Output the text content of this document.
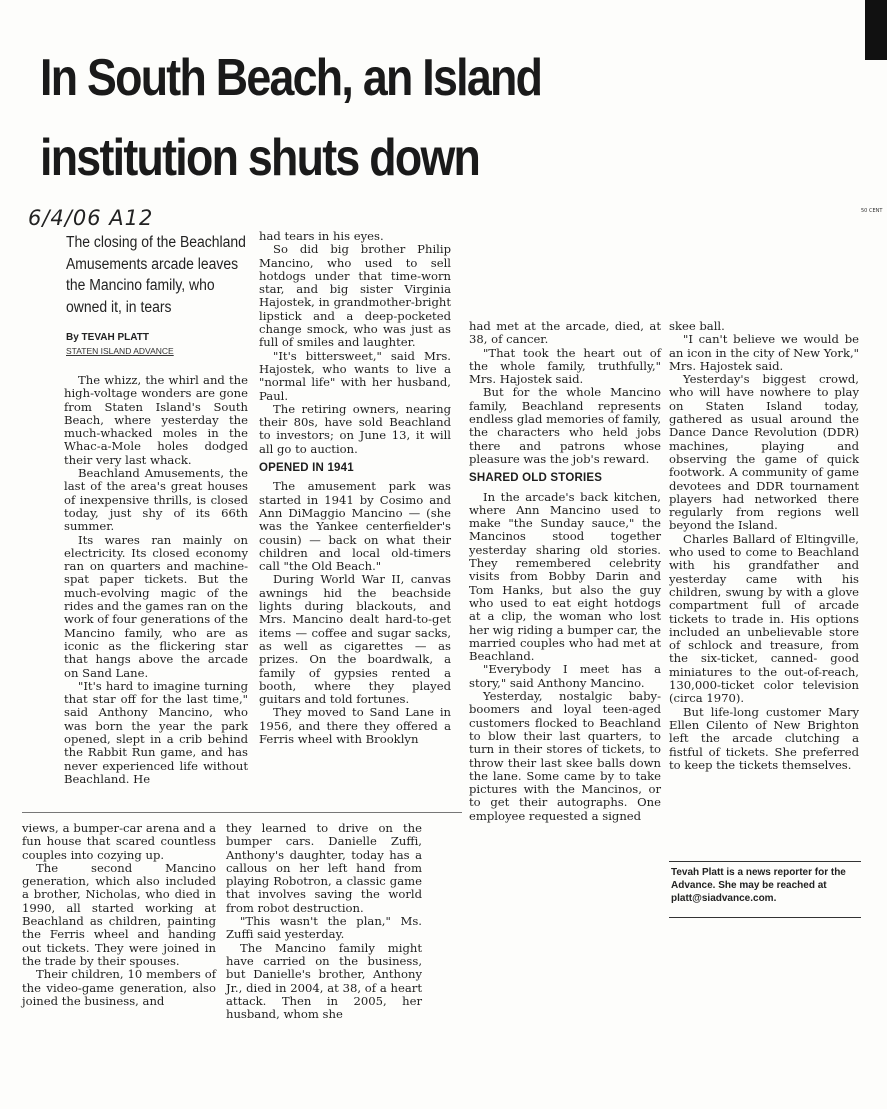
50 CENT
In South Beach, an Island institution shuts down
6/4/06 A12

The closing of the Beachland Amusements arcade leaves the Mancino family, who owned it, in tears

By TEVAH PLATT
STATEN ISLAND ADVANCE

The whizz, the whirl and the high-voltage wonders are gone from Staten Island's South Beach, where yesterday the much-whacked moles in the Whac-a-Mole holes dodged their very last whack.

Beachland Amusements, the last of the area's great houses of inexpensive thrills, is closed today, just shy of its 66th summer.

Its wares ran mainly on electricity. Its closed economy ran on quarters and machine-spat paper tickets. But the much-evolving magic of the rides and the games ran on the work of four generations of the Mancino family, who are as iconic as the flickering star that hangs above the arcade on Sand Lane.

"It's hard to imagine turning that star off for the last time," said Anthony Mancino, who was born the year the park opened, slept in a crib behind the Rabbit Run game, and has never experienced life without Beachland. He

had tears in his eyes.

So did big brother Philip Mancino, who used to sell hotdogs under that time-worn star, and big sister Virginia Hajostek, in grandmother-bright lipstick and a deep-pocketed change smock, who was just as full of smiles and laughter.

"It's bittersweet," said Mrs. Hajostek, who wants to live a "normal life" with her husband, Paul.

The retiring owners, nearing their 80s, have sold Beachland to investors; on June 13, it will all go to auction.

OPENED IN 1941

The amusement park was started in 1941 by Cosimo and Ann DiMaggio Mancino — (she was the Yankee centerfielder's cousin) — back on what their children and local old-timers call "the Old Beach."

During World War II, canvas awnings hid the beachside lights during blackouts, and Mrs. Mancino dealt hard-to-get items — coffee and sugar sacks, as well as cigarettes — as prizes. On the boardwalk, a family of gypsies rented a booth, where they played guitars and told fortunes.

They moved to Sand Lane in 1956, and there they offered a Ferris wheel with Brooklyn

had met at the arcade, died, at 38, of cancer.

"That took the heart out of the whole family, truthfully," Mrs. Hajostek said.

But for the whole Mancino family, Beachland represents endless glad memories of family, the characters who held jobs there and patrons whose pleasure was the job's reward.

SHARED OLD STORIES

In the arcade's back kitchen, where Ann Mancino used to make "the Sunday sauce," the Mancinos stood together yesterday sharing old stories. They remembered celebrity visits from Bobby Darin and Tom Hanks, but also the guy who used to eat eight hotdogs at a clip, the woman who lost her wig riding a bumper car, the married couples who had met at Beachland.

"Everybody I meet has a story," said Anthony Mancino.

Yesterday, nostalgic baby-boomers and loyal teen-aged customers flocked to Beachland to blow their last quarters, to turn in their stores of tickets, to throw their last skee balls down the lane. Some came by to take pictures with the Mancinos, or to get their autographs. One employee requested a signed

skee ball.

"I can't believe we would be an icon in the city of New York," Mrs. Hajostek said.

Yesterday's biggest crowd, who will have nowhere to play on Staten Island today, gathered as usual around the Dance Dance Revolution (DDR) machines, playing and observing the game of quick footwork. A community of game devotees and DDR tournament players had networked there regularly from regions well beyond the Island.

Charles Ballard of Eltingville, who used to come to Beachland with his grandfather and yesterday came with his children, swung by with a glove compartment full of arcade tickets to trade in. His options included an unbelievable store of schlock and treasure, from the six-ticket, canned- good miniatures to the out-of-reach, 130,000-ticket color television (circa 1970).

But life-long customer Mary Ellen Cilento of New Brighton left the arcade clutching a fistful of tickets. She preferred to keep the tickets themselves.

Tevah Platt is a news reporter for the Advance. She may be reached at platt@siadvance.com.

views, a bumper-car arena and a fun house that scared countless couples into cozying up.

The second Mancino generation, which also included a brother, Nicholas, who died in 1990, all started working at Beachland as children, painting the Ferris wheel and handing out tickets. They were joined in the trade by their spouses.

Their children, 10 members of the video-game generation, also joined the business, and

they learned to drive on the bumper cars. Danielle Zuffi, Anthony's daughter, today has a callous on her left hand from playing Robotron, a classic game that involves saving the world from robot destruction.

"This wasn't the plan," Ms. Zuffi said yesterday.

The Mancino family might have carried on the business, but Danielle's brother, Anthony Jr., died in 2004, at 38, of a heart attack. Then in 2005, her husband, whom she
